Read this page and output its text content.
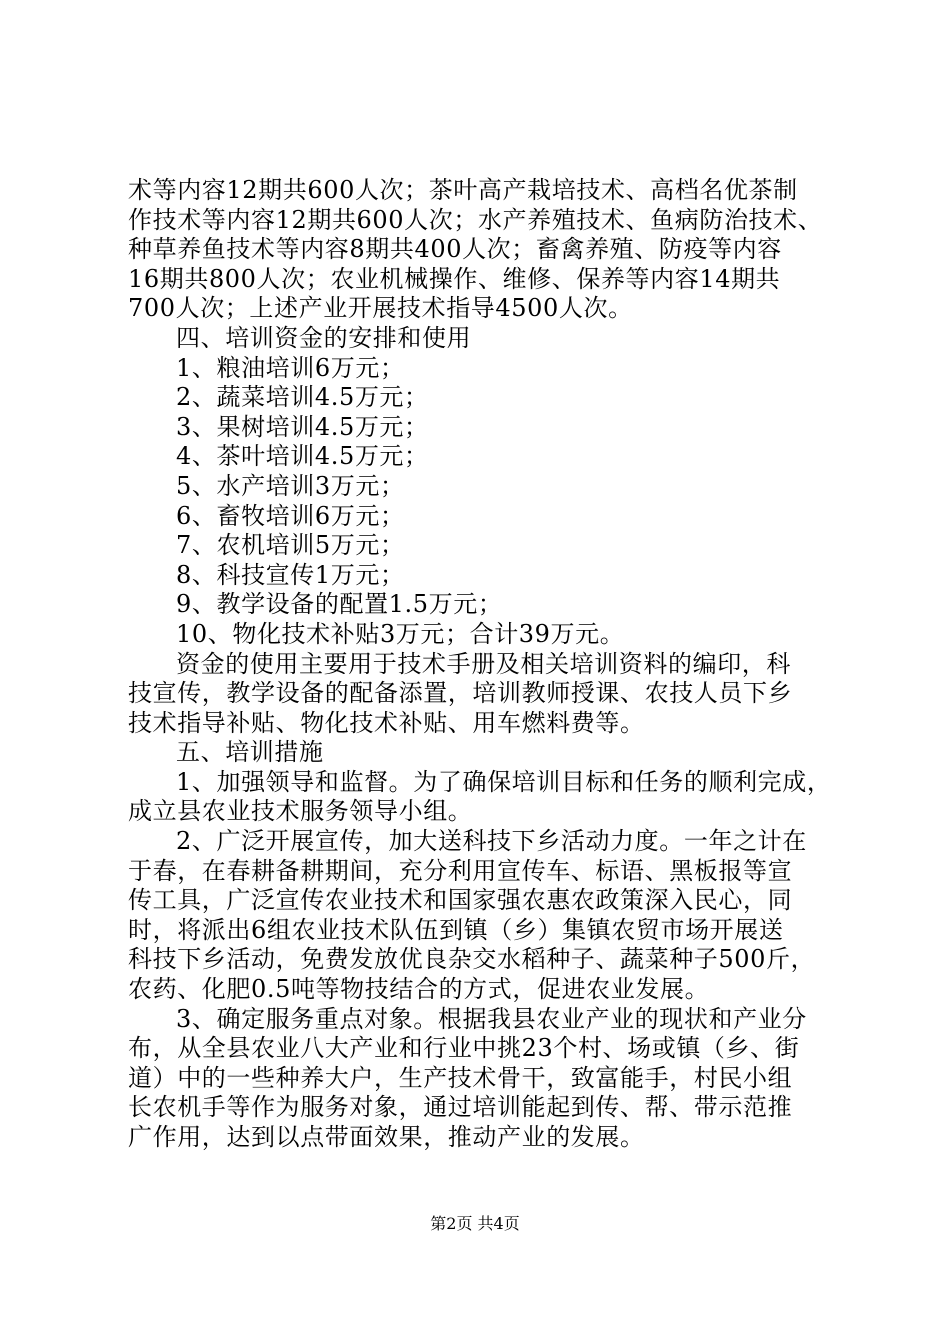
术等内容12期共600人次；茶叶高产栽培技术、高档名优茶制
作技术等内容12期共600人次；水产养殖技术、鱼病防治技术、
种草养鱼技术等内容8期共400人次；畜禽养殖、防疫等内容
16期共800人次；农业机械操作、维修、保养等内容14期共
700人次；上述产业开展技术指导4500人次。
四、培训资金的安排和使用
1、粮油培训6万元；
2、蔬菜培训4.5万元；
3、果树培训4.5万元；
4、茶叶培训4.5万元；
5、水产培训3万元；
6、畜牧培训6万元；
7、农机培训5万元；
8、科技宣传1万元；
9、教学设备的配置1.5万元；
10、物化技术补贴3万元；合计39万元。
资金的使用主要用于技术手册及相关培训资料的编印，科
技宣传，教学设备的配备添置，培训教师授课、农技人员下乡
技术指导补贴、物化技术补贴、用车燃料费等。
五、培训措施
1、加强领导和监督。为了确保培训目标和任务的顺利完成，
成立县农业技术服务领导小组。
2、广泛开展宣传，加大送科技下乡活动力度。一年之计在
于春，在春耕备耕期间，充分利用宣传车、标语、黑板报等宣
传工具，广泛宣传农业技术和国家强农惠农政策深入民心，同
时，将派出6组农业技术队伍到镇（乡）集镇农贸市场开展送
科技下乡活动，免费发放优良杂交水稻种子、蔬菜种子500斤，
农药、化肥0.5吨等物技结合的方式，促进农业发展。
3、确定服务重点对象。根据我县农业产业的现状和产业分
布，从全县农业八大产业和行业中挑23个村、场或镇（乡、街
道）中的一些种养大户，生产技术骨干，致富能手，村民小组
长农机手等作为服务对象，通过培训能起到传、帮、带示范推
广作用，达到以点带面效果，推动产业的发展。
第2页 共4页
